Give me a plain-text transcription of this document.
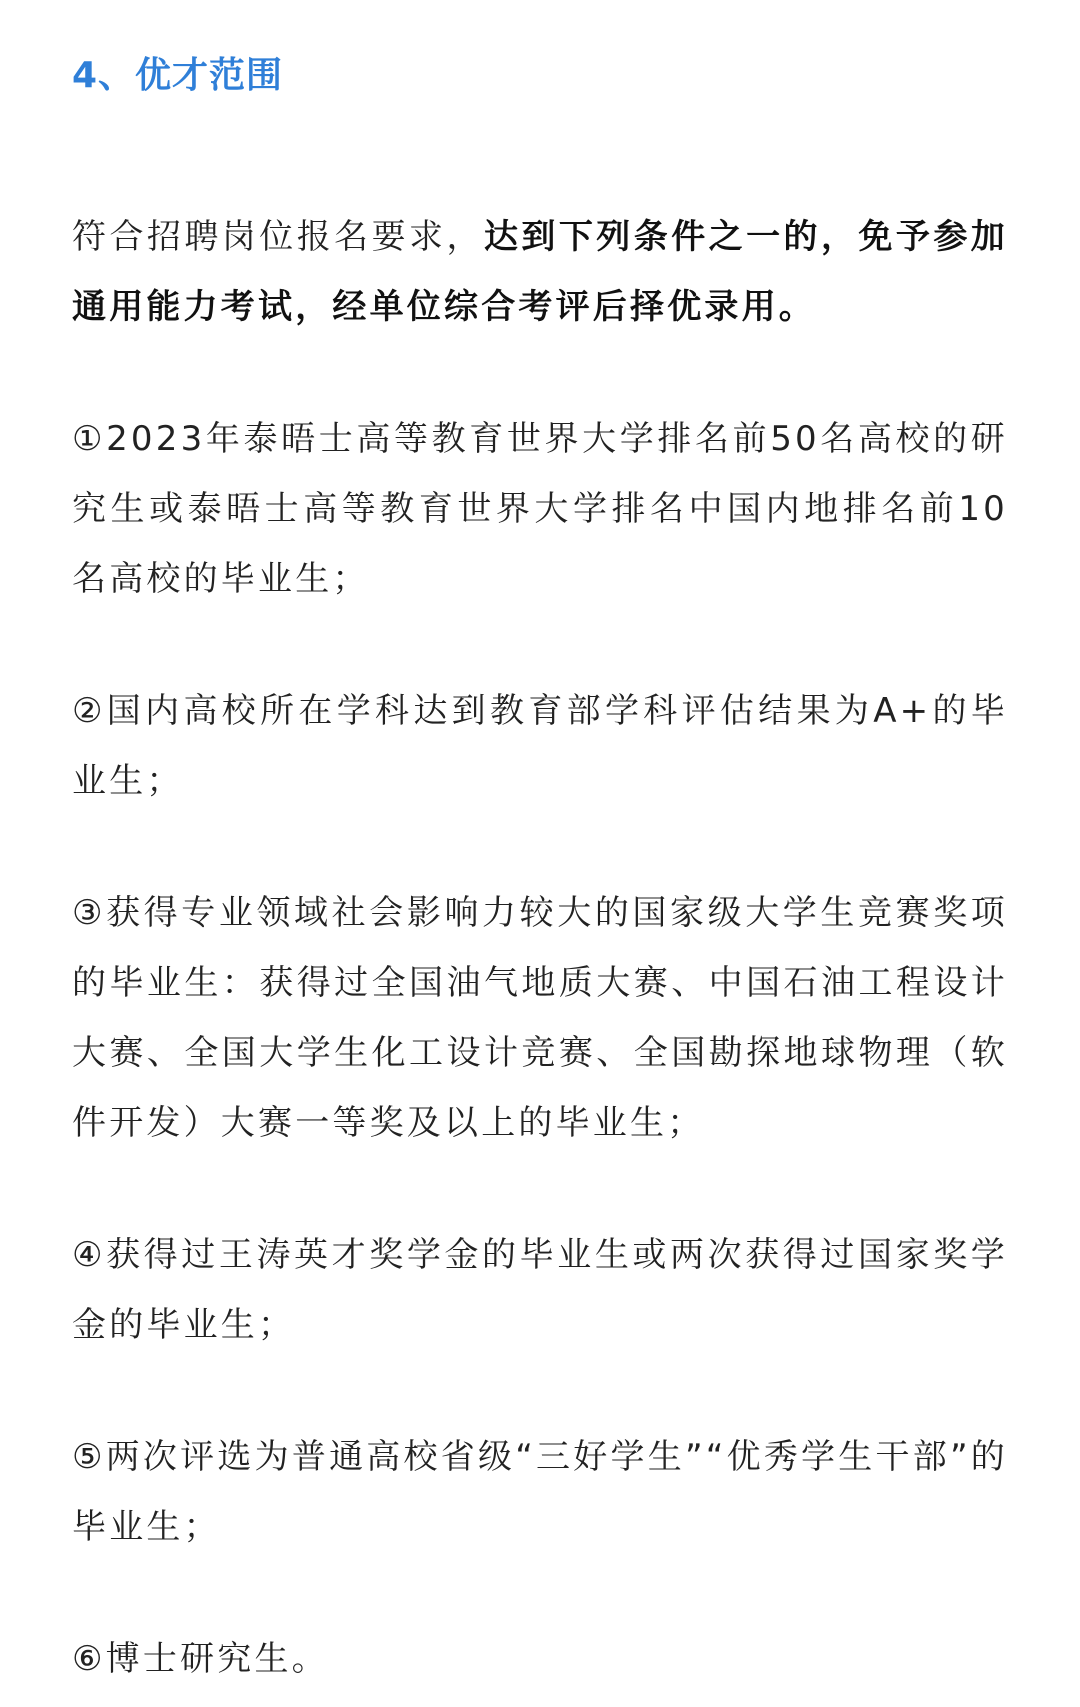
4、优才范围
符合招聘岗位报名要求，达到下列条件之一的，免予参加通用能力考试，经单位综合考评后择优录用。
①2023年泰晤士高等教育世界大学排名前50名高校的研究生或泰晤士高等教育世界大学排名中国内地排名前10名高校的毕业生；
②国内高校所在学科达到教育部学科评估结果为A+的毕业生；
③获得专业领域社会影响力较大的国家级大学生竞赛奖项的毕业生：获得过全国油气地质大赛、中国石油工程设计大赛、全国大学生化工设计竞赛、全国勘探地球物理（软件开发）大赛一等奖及以上的毕业生；
④获得过王涛英才奖学金的毕业生或两次获得过国家奖学金的毕业生；
⑤两次评选为普通高校省级“三好学生”“优秀学生干部”的毕业生；
⑥博士研究生。
